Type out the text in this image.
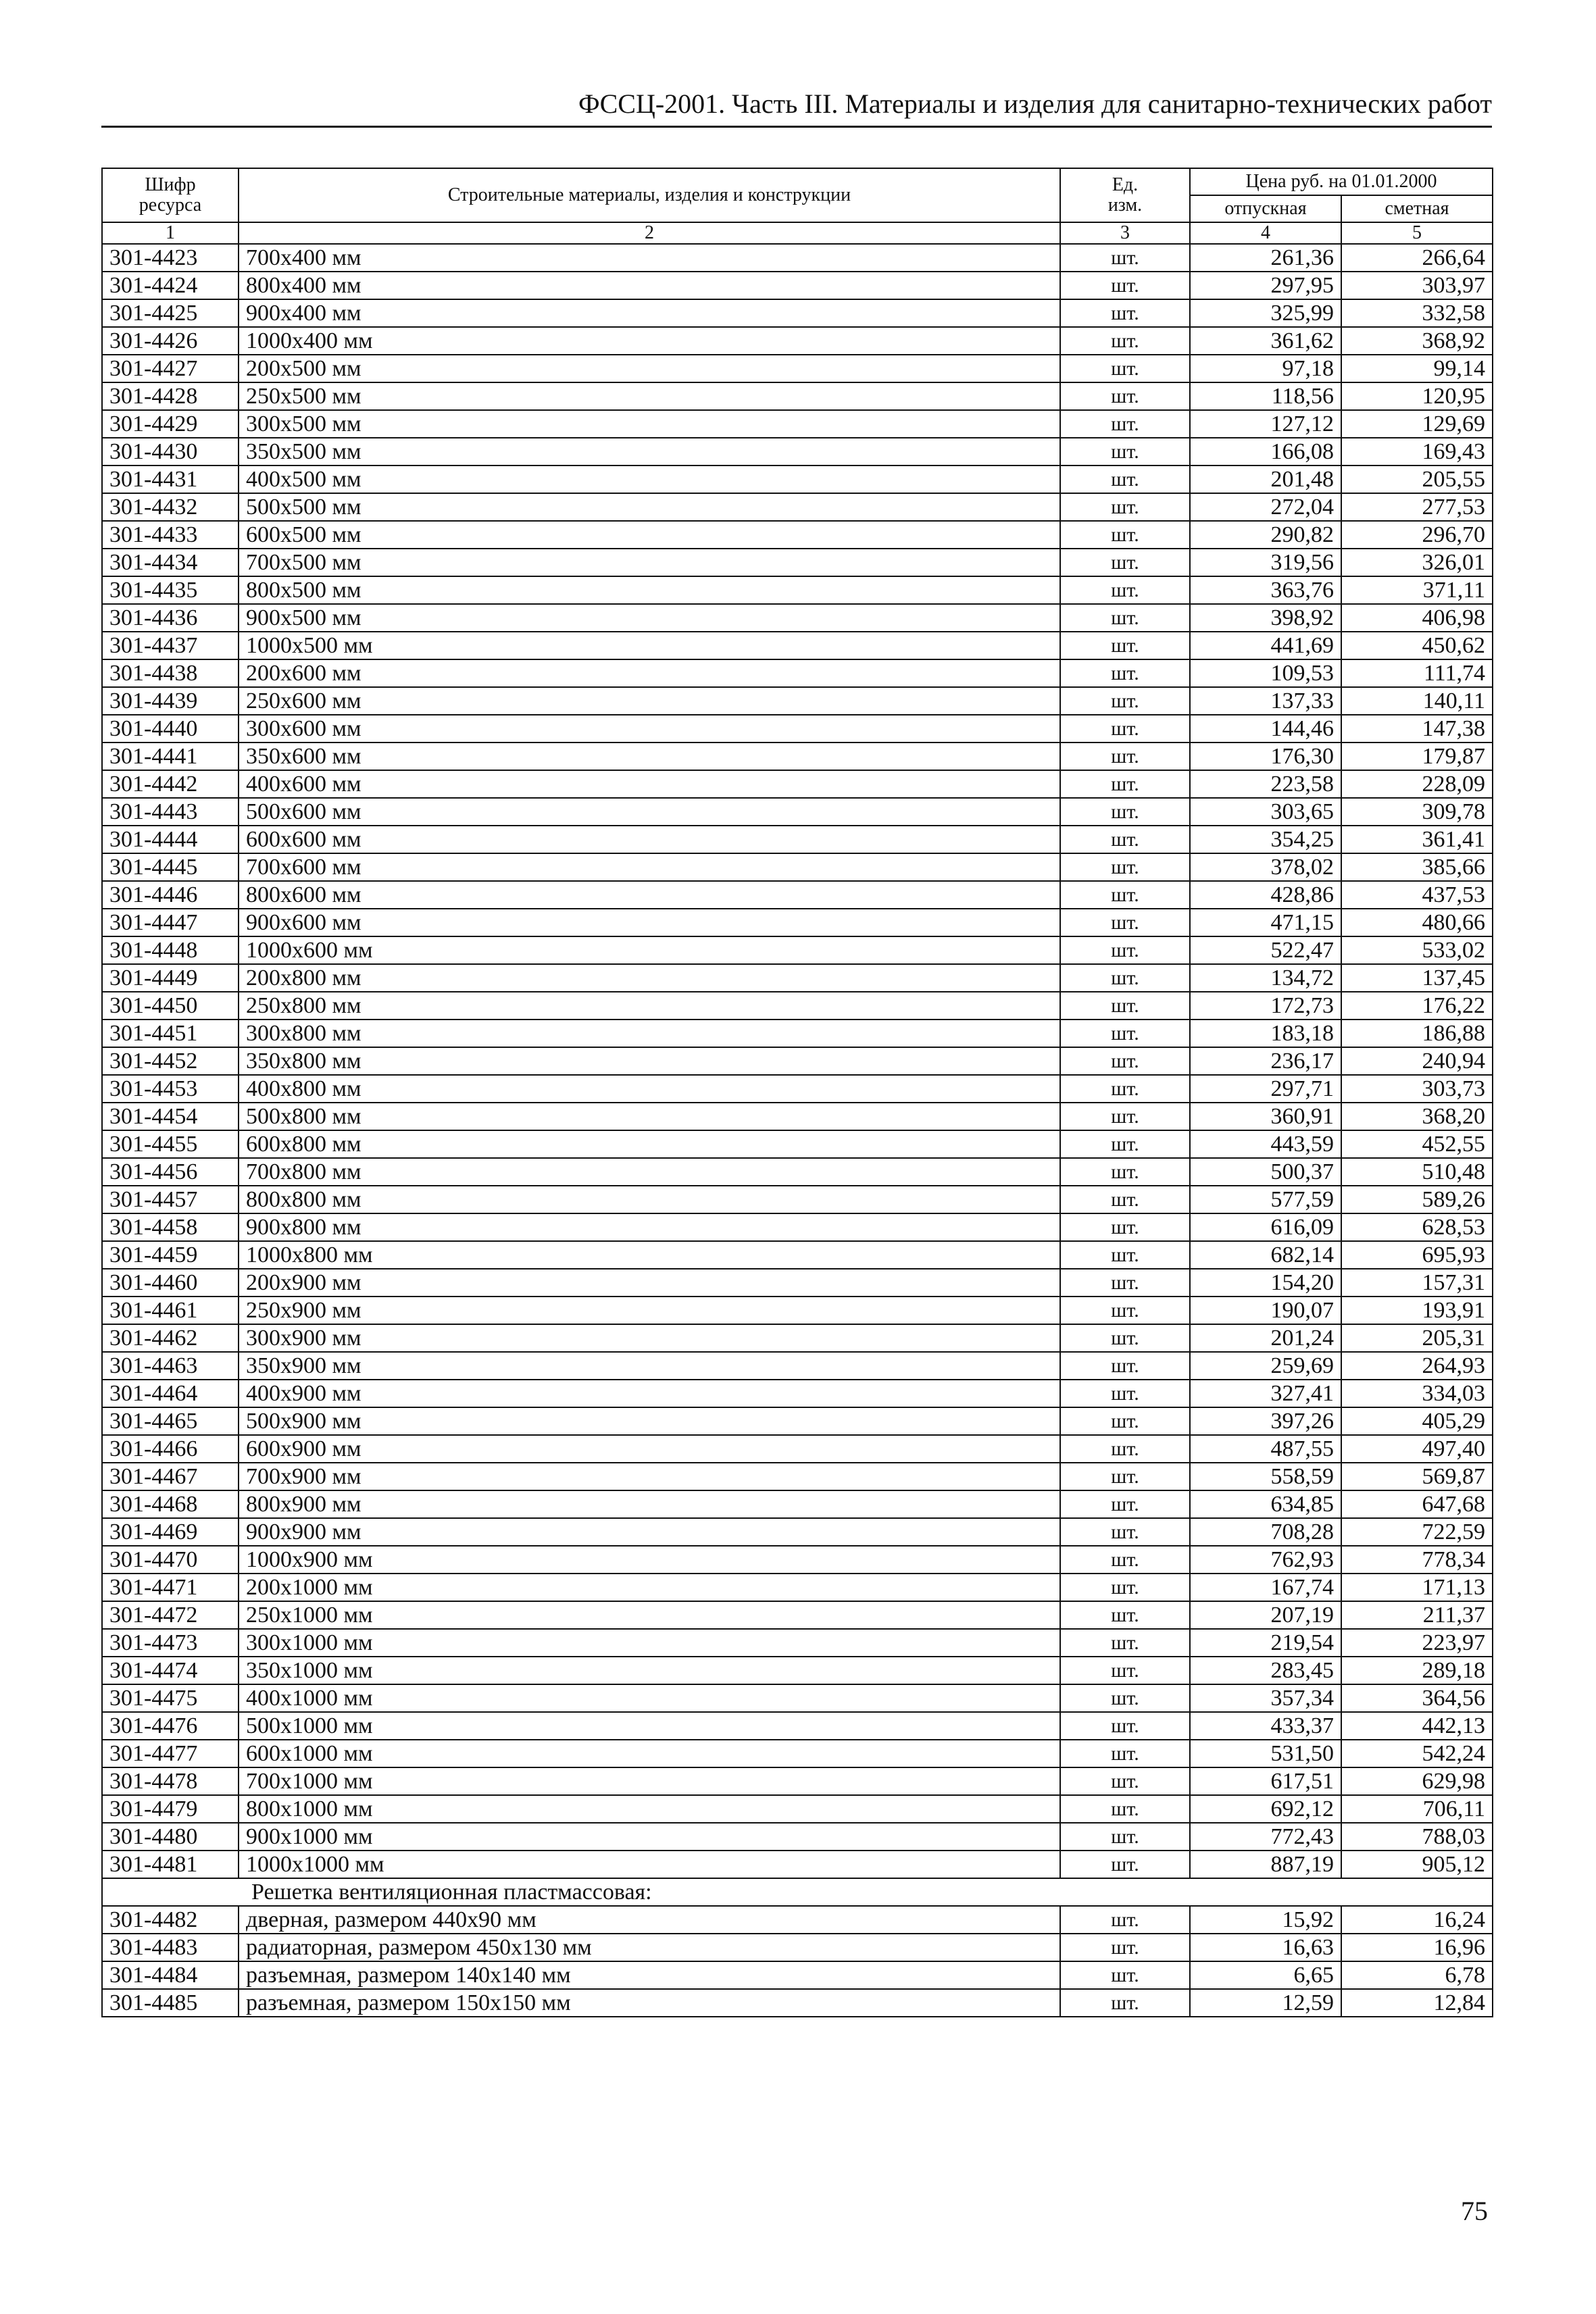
ФССЦ-2001. Часть III. Материалы и изделия для санитарно-технических работ
Шифр ресурса	Строительные материалы, изделия и конструкции	Ед. изм.	Цена руб. на 01.01.2000	
			отпускная	сметная
1	2	3	4	5
301-4423	700x400 мм	шт.	261,36	266,64
301-4424	800x400 мм	шт.	297,95	303,97
301-4425	900x400 мм	шт.	325,99	332,58
301-4426	1000x400 мм	шт.	361,62	368,92
301-4427	200x500 мм	шт.	97,18	99,14
301-4428	250x500 мм	шт.	118,56	120,95
301-4429	300x500 мм	шт.	127,12	129,69
301-4430	350x500 мм	шт.	166,08	169,43
301-4431	400x500 мм	шт.	201,48	205,55
301-4432	500x500 мм	шт.	272,04	277,53
301-4433	600x500 мм	шт.	290,82	296,70
301-4434	700x500 мм	шт.	319,56	326,01
301-4435	800x500 мм	шт.	363,76	371,11
301-4436	900x500 мм	шт.	398,92	406,98
301-4437	1000x500 мм	шт.	441,69	450,62
301-4438	200x600 мм	шт.	109,53	111,74
301-4439	250x600 мм	шт.	137,33	140,11
301-4440	300x600 мм	шт.	144,46	147,38
301-4441	350x600 мм	шт.	176,30	179,87
301-4442	400x600 мм	шт.	223,58	228,09
301-4443	500x600 мм	шт.	303,65	309,78
301-4444	600x600 мм	шт.	354,25	361,41
301-4445	700x600 мм	шт.	378,02	385,66
301-4446	800x600 мм	шт.	428,86	437,53
301-4447	900x600 мм	шт.	471,15	480,66
301-4448	1000x600 мм	шт.	522,47	533,02
301-4449	200x800 мм	шт.	134,72	137,45
301-4450	250x800 мм	шт.	172,73	176,22
301-4451	300x800 мм	шт.	183,18	186,88
301-4452	350x800 мм	шт.	236,17	240,94
301-4453	400x800 мм	шт.	297,71	303,73
301-4454	500x800 мм	шт.	360,91	368,20
301-4455	600x800 мм	шт.	443,59	452,55
301-4456	700x800 мм	шт.	500,37	510,48
301-4457	800x800 мм	шт.	577,59	589,26
301-4458	900x800 мм	шт.	616,09	628,53
301-4459	1000x800 мм	шт.	682,14	695,93
301-4460	200x900 мм	шт.	154,20	157,31
301-4461	250x900 мм	шт.	190,07	193,91
301-4462	300x900 мм	шт.	201,24	205,31
301-4463	350x900 мм	шт.	259,69	264,93
301-4464	400x900 мм	шт.	327,41	334,03
301-4465	500x900 мм	шт.	397,26	405,29
301-4466	600x900 мм	шт.	487,55	497,40
301-4467	700x900 мм	шт.	558,59	569,87
301-4468	800x900 мм	шт.	634,85	647,68
301-4469	900x900 мм	шт.	708,28	722,59
301-4470	1000x900 мм	шт.	762,93	778,34
301-4471	200x1000 мм	шт.	167,74	171,13
301-4472	250x1000 мм	шт.	207,19	211,37
301-4473	300x1000 мм	шт.	219,54	223,97
301-4474	350x1000 мм	шт.	283,45	289,18
301-4475	400x1000 мм	шт.	357,34	364,56
301-4476	500x1000 мм	шт.	433,37	442,13
301-4477	600x1000 мм	шт.	531,50	542,24
301-4478	700x1000 мм	шт.	617,51	629,98
301-4479	800x1000 мм	шт.	692,12	706,11
301-4480	900x1000 мм	шт.	772,43	788,03
301-4481	1000x1000 мм	шт.	887,19	905,12
Решетка вентиляционная пластмассовая:				
301-4482	дверная, размером 440x90 мм	шт.	15,92	16,24
301-4483	радиаторная, размером 450x130 мм	шт.	16,63	16,96
301-4484	разъемная, размером 140x140 мм	шт.	6,65	6,78
301-4485	разъемная, размером 150x150 мм	шт.	12,59	12,84
75
